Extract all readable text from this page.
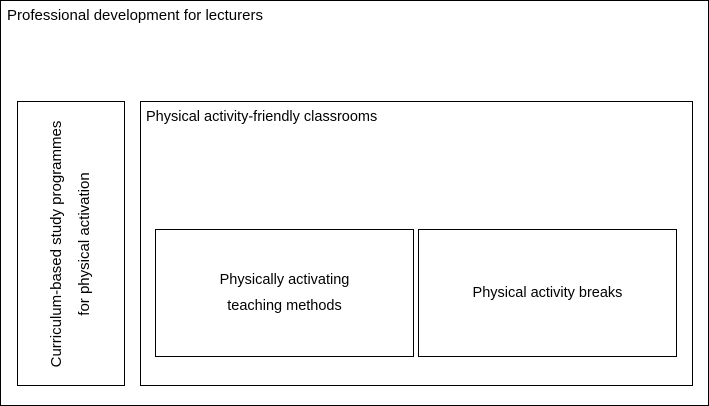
Professional development for lecturers
Curriculum-based study programmes for physical activation
Physical activity-friendly classrooms
Physically activating
teaching methods
Physical activity breaks
